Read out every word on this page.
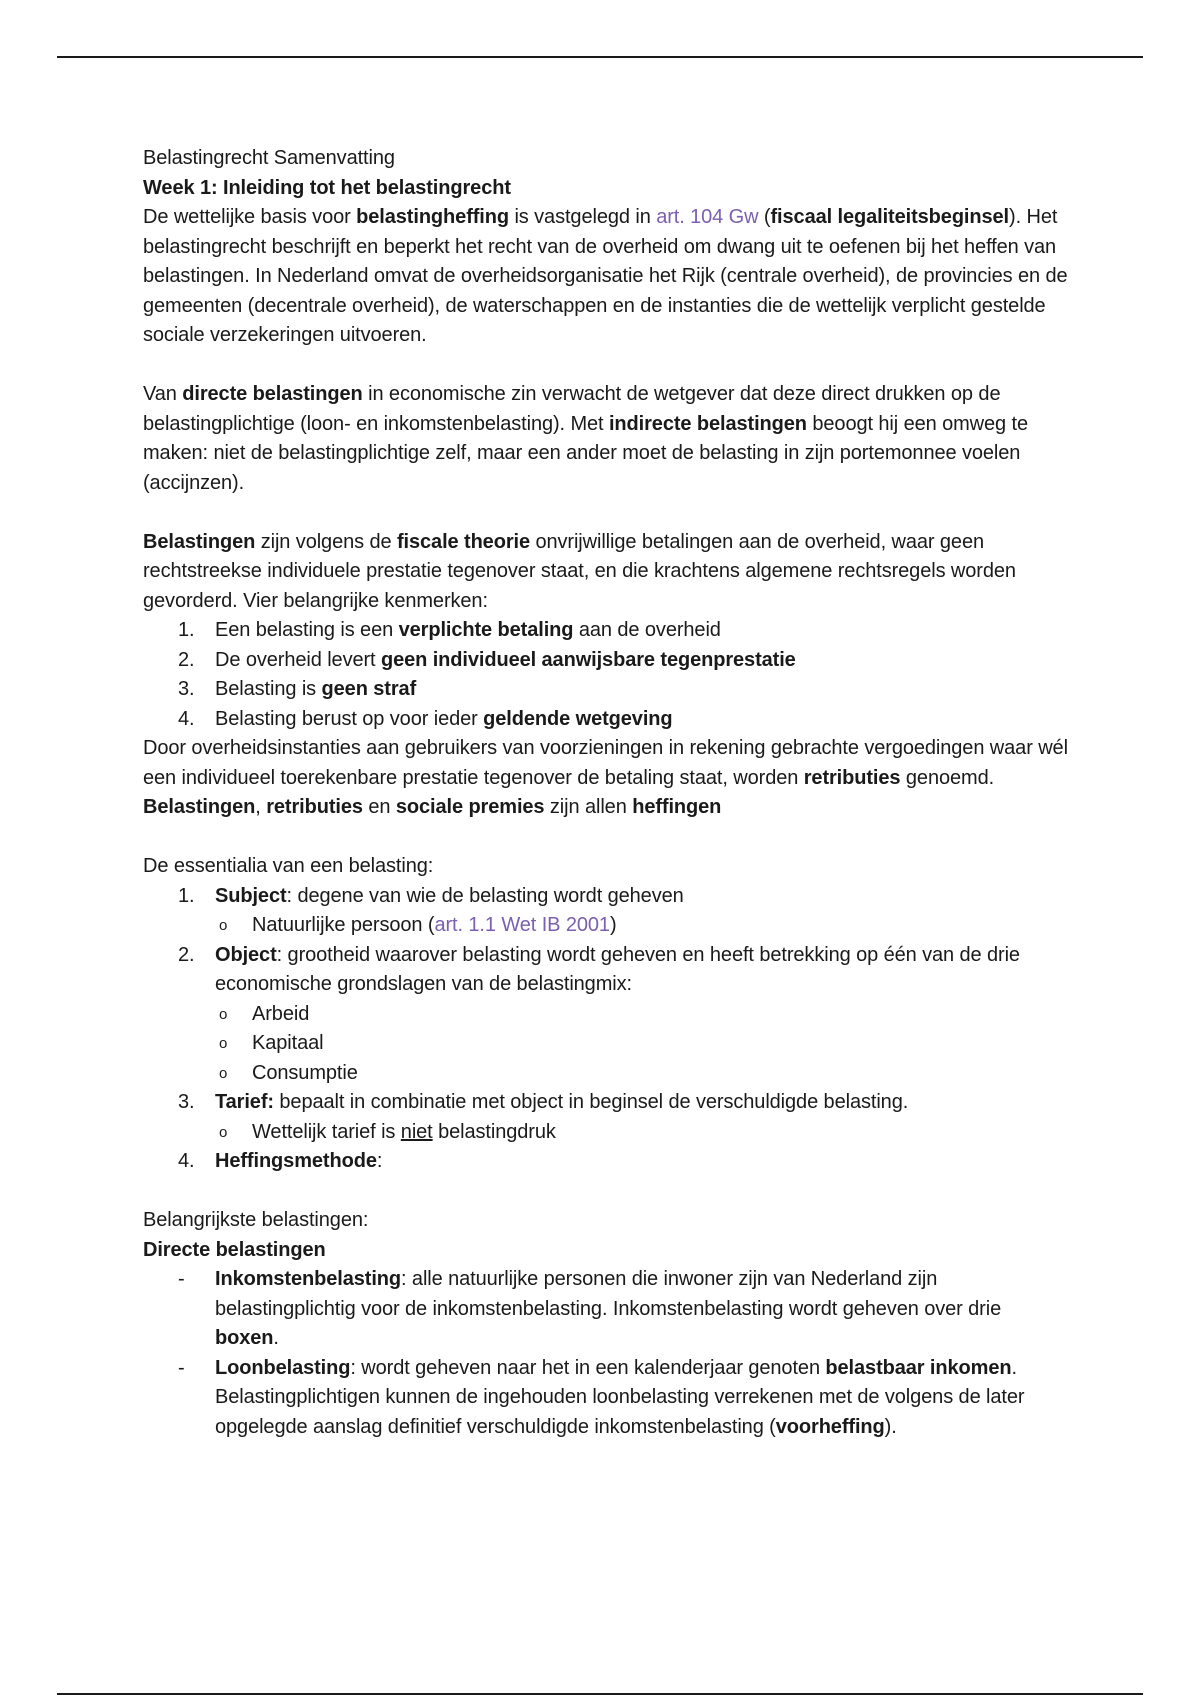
Belastingrecht Samenvatting
Week 1: Inleiding tot het belastingrecht
De wettelijke basis voor belastingheffing is vastgelegd in art. 104 Gw (fiscaal legaliteitsbeginsel). Het belastingrecht beschrijft en beperkt het recht van de overheid om dwang uit te oefenen bij het heffen van belastingen. In Nederland omvat de overheidsorganisatie het Rijk (centrale overheid), de provincies en de gemeenten (decentrale overheid), de waterschappen en de instanties die de wettelijk verplicht gestelde sociale verzekeringen uitvoeren.
Van directe belastingen in economische zin verwacht de wetgever dat deze direct drukken op de belastingplichtige (loon- en inkomstenbelasting). Met indirecte belastingen beoogt hij een omweg te maken: niet de belastingplichtige zelf, maar een ander moet de belasting in zijn portemonnee voelen (accijnzen).
Belastingen zijn volgens de fiscale theorie onvrijwillige betalingen aan de overheid, waar geen rechtstreekse individuele prestatie tegenover staat, en die krachtens algemene rechtsregels worden gevorderd. Vier belangrijke kenmerken:
1.	Een belasting is een verplichte betaling aan de overheid
2.	De overheid levert geen individueel aanwijsbare tegenprestatie
3.	Belasting is geen straf
4.	Belasting berust op voor ieder geldende wetgeving
Door overheidsinstanties aan gebruikers van voorzieningen in rekening gebrachte vergoedingen waar wél een individueel toerekenbare prestatie tegenover de betaling staat, worden retributies genoemd. Belastingen, retributies en sociale premies zijn allen heffingen
De essentialia van een belasting:
1.	Subject: degene van wie de belasting wordt geheven
o Natuurlijke persoon (art. 1.1 Wet IB 2001)
2.	Object: grootheid waarover belasting wordt geheven en heeft betrekking op één van de drie economische grondslagen van de belastingmix:
o Arbeid
o Kapitaal
o Consumptie
3.	Tarief: bepaalt in combinatie met object in beginsel de verschuldigde belasting.
o Wettelijk tarief is niet belastingdruk
4.	Heffingsmethode:
Belangrijkste belastingen:
Directe belastingen
- Inkomstenbelasting: alle natuurlijke personen die inwoner zijn van Nederland zijn belastingplichtig voor de inkomstenbelasting. Inkomstenbelasting wordt geheven over drie boxen.
- Loonbelasting: wordt geheven naar het in een kalenderjaar genoten belastbaar inkomen. Belastingplichtigen kunnen de ingehouden loonbelasting verrekenen met de volgens de later opgelegde aanslag definitief verschuldigde inkomstenbelasting (voorheffing).
